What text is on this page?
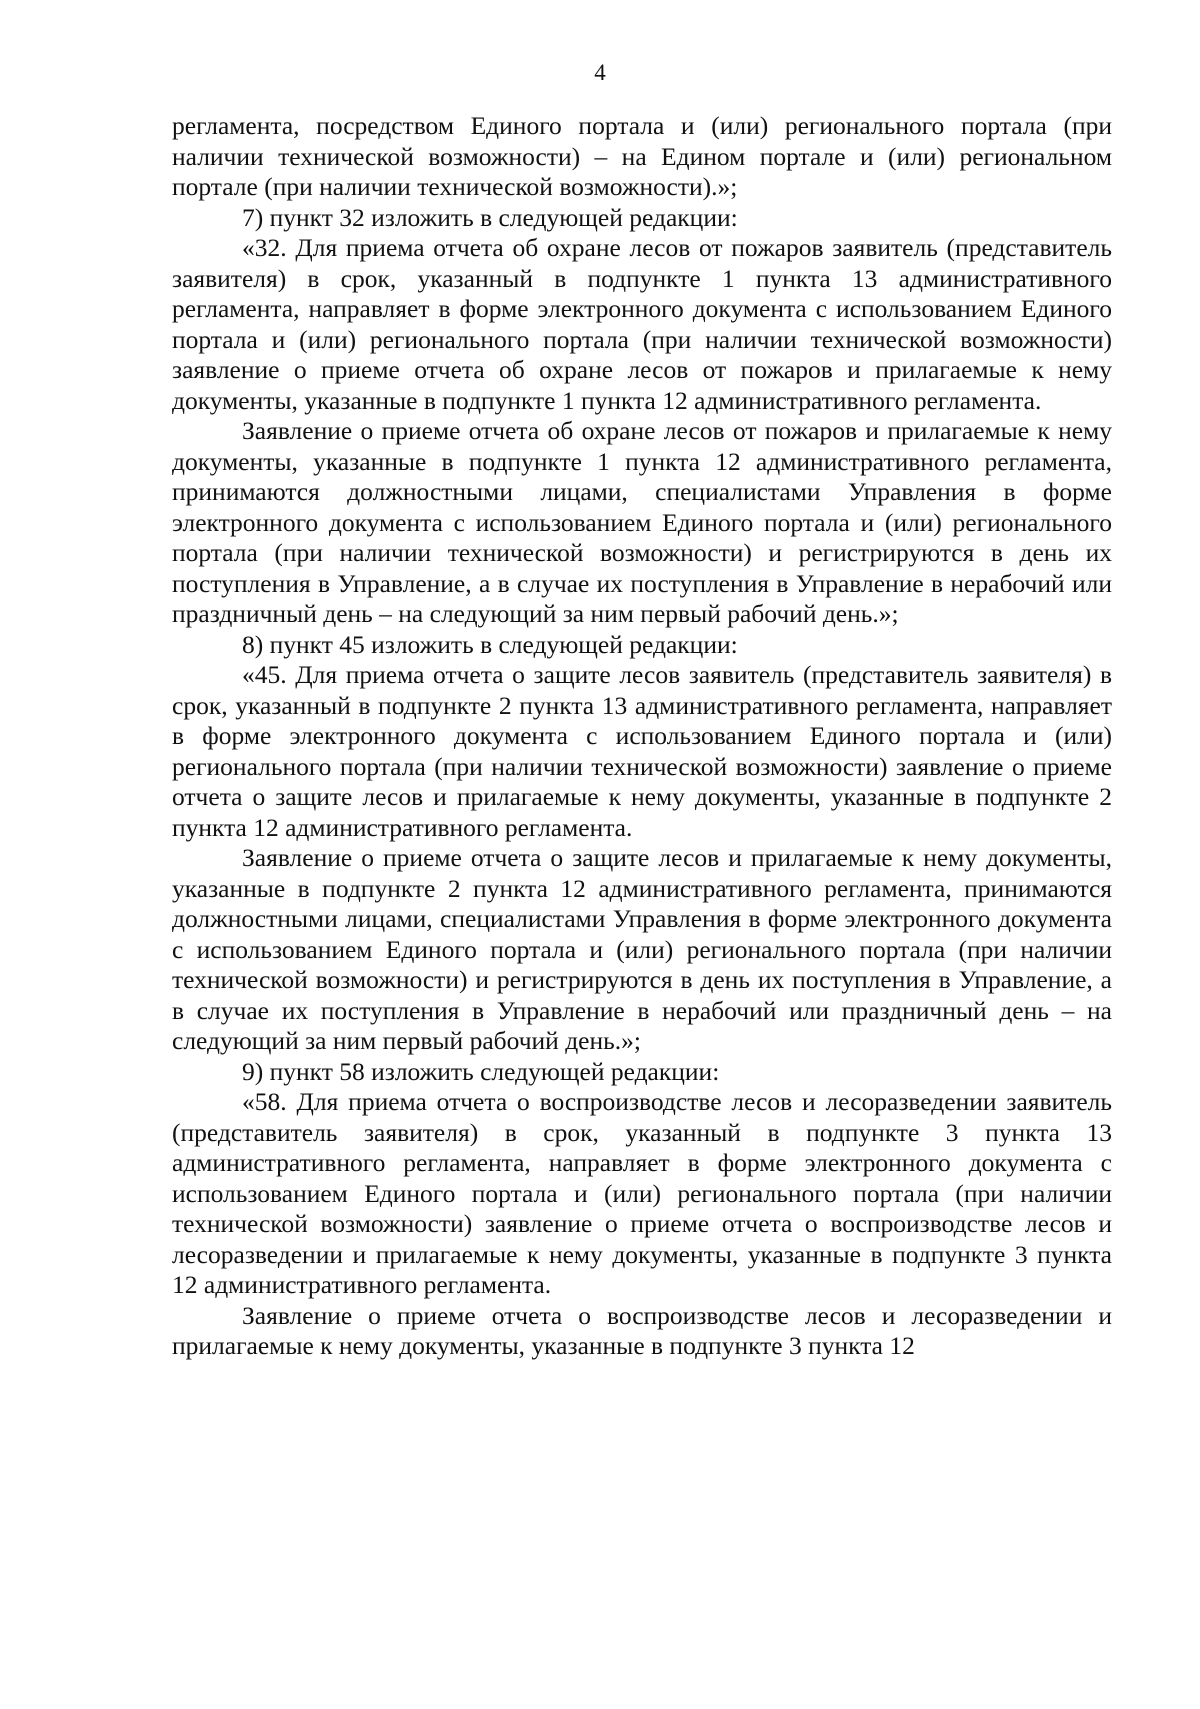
4

регламента, посредством Единого портала и (или) регионального портала (при наличии технической возможности) – на Едином портале и (или) региональном портале (при наличии технической возможности).»;

7) пункт 32 изложить в следующей редакции:

«32. Для приема отчета об охране лесов от пожаров заявитель (представитель заявителя) в срок, указанный в подпункте 1 пункта 13 административного регламента, направляет в форме электронного документа с использованием Единого портала и (или) регионального портала (при наличии технической возможности) заявление о приеме отчета об охране лесов от пожаров и прилагаемые к нему документы, указанные в подпункте 1 пункта 12 административного регламента.

Заявление о приеме отчета об охране лесов от пожаров и прилагаемые к нему документы, указанные в подпункте 1 пункта 12 административного регламента, принимаются должностными лицами, специалистами Управления в форме электронного документа с использованием Единого портала и (или) регионального портала (при наличии технической возможности) и регистрируются в день их поступления в Управление, а в случае их поступления в Управление в нерабочий или праздничный день – на следующий за ним первый рабочий день.»;

8) пункт 45 изложить в следующей редакции:

«45. Для приема отчета о защите лесов заявитель (представитель заявителя) в срок, указанный в подпункте 2 пункта 13 административного регламента, направляет в форме электронного документа с использованием Единого портала и (или) регионального портала (при наличии технической возможности) заявление о приеме отчета о защите лесов и прилагаемые к нему документы, указанные в подпункте 2 пункта 12 административного регламента.

Заявление о приеме отчета о защите лесов и прилагаемые к нему документы, указанные в подпункте 2 пункта 12 административного регламента, принимаются должностными лицами, специалистами Управления в форме электронного документа с использованием Единого портала и (или) регионального портала (при наличии технической возможности) и регистрируются в день их поступления в Управление, а в случае их поступления в Управление в нерабочий или праздничный день – на следующий за ним первый рабочий день.»;

9) пункт 58 изложить следующей редакции:

«58. Для приема отчета о воспроизводстве лесов и лесоразведении заявитель (представитель заявителя) в срок, указанный в подпункте 3 пункта 13 административного регламента, направляет в форме электронного документа с использованием Единого портала и (или) регионального портала (при наличии технической возможности) заявление о приеме отчета о воспроизводстве лесов и лесоразведении и прилагаемые к нему документы, указанные в подпункте 3 пункта 12 административного регламента.

Заявление о приеме отчета о воспроизводстве лесов и лесоразведении и прилагаемые к нему документы, указанные в подпункте 3 пункта 12
